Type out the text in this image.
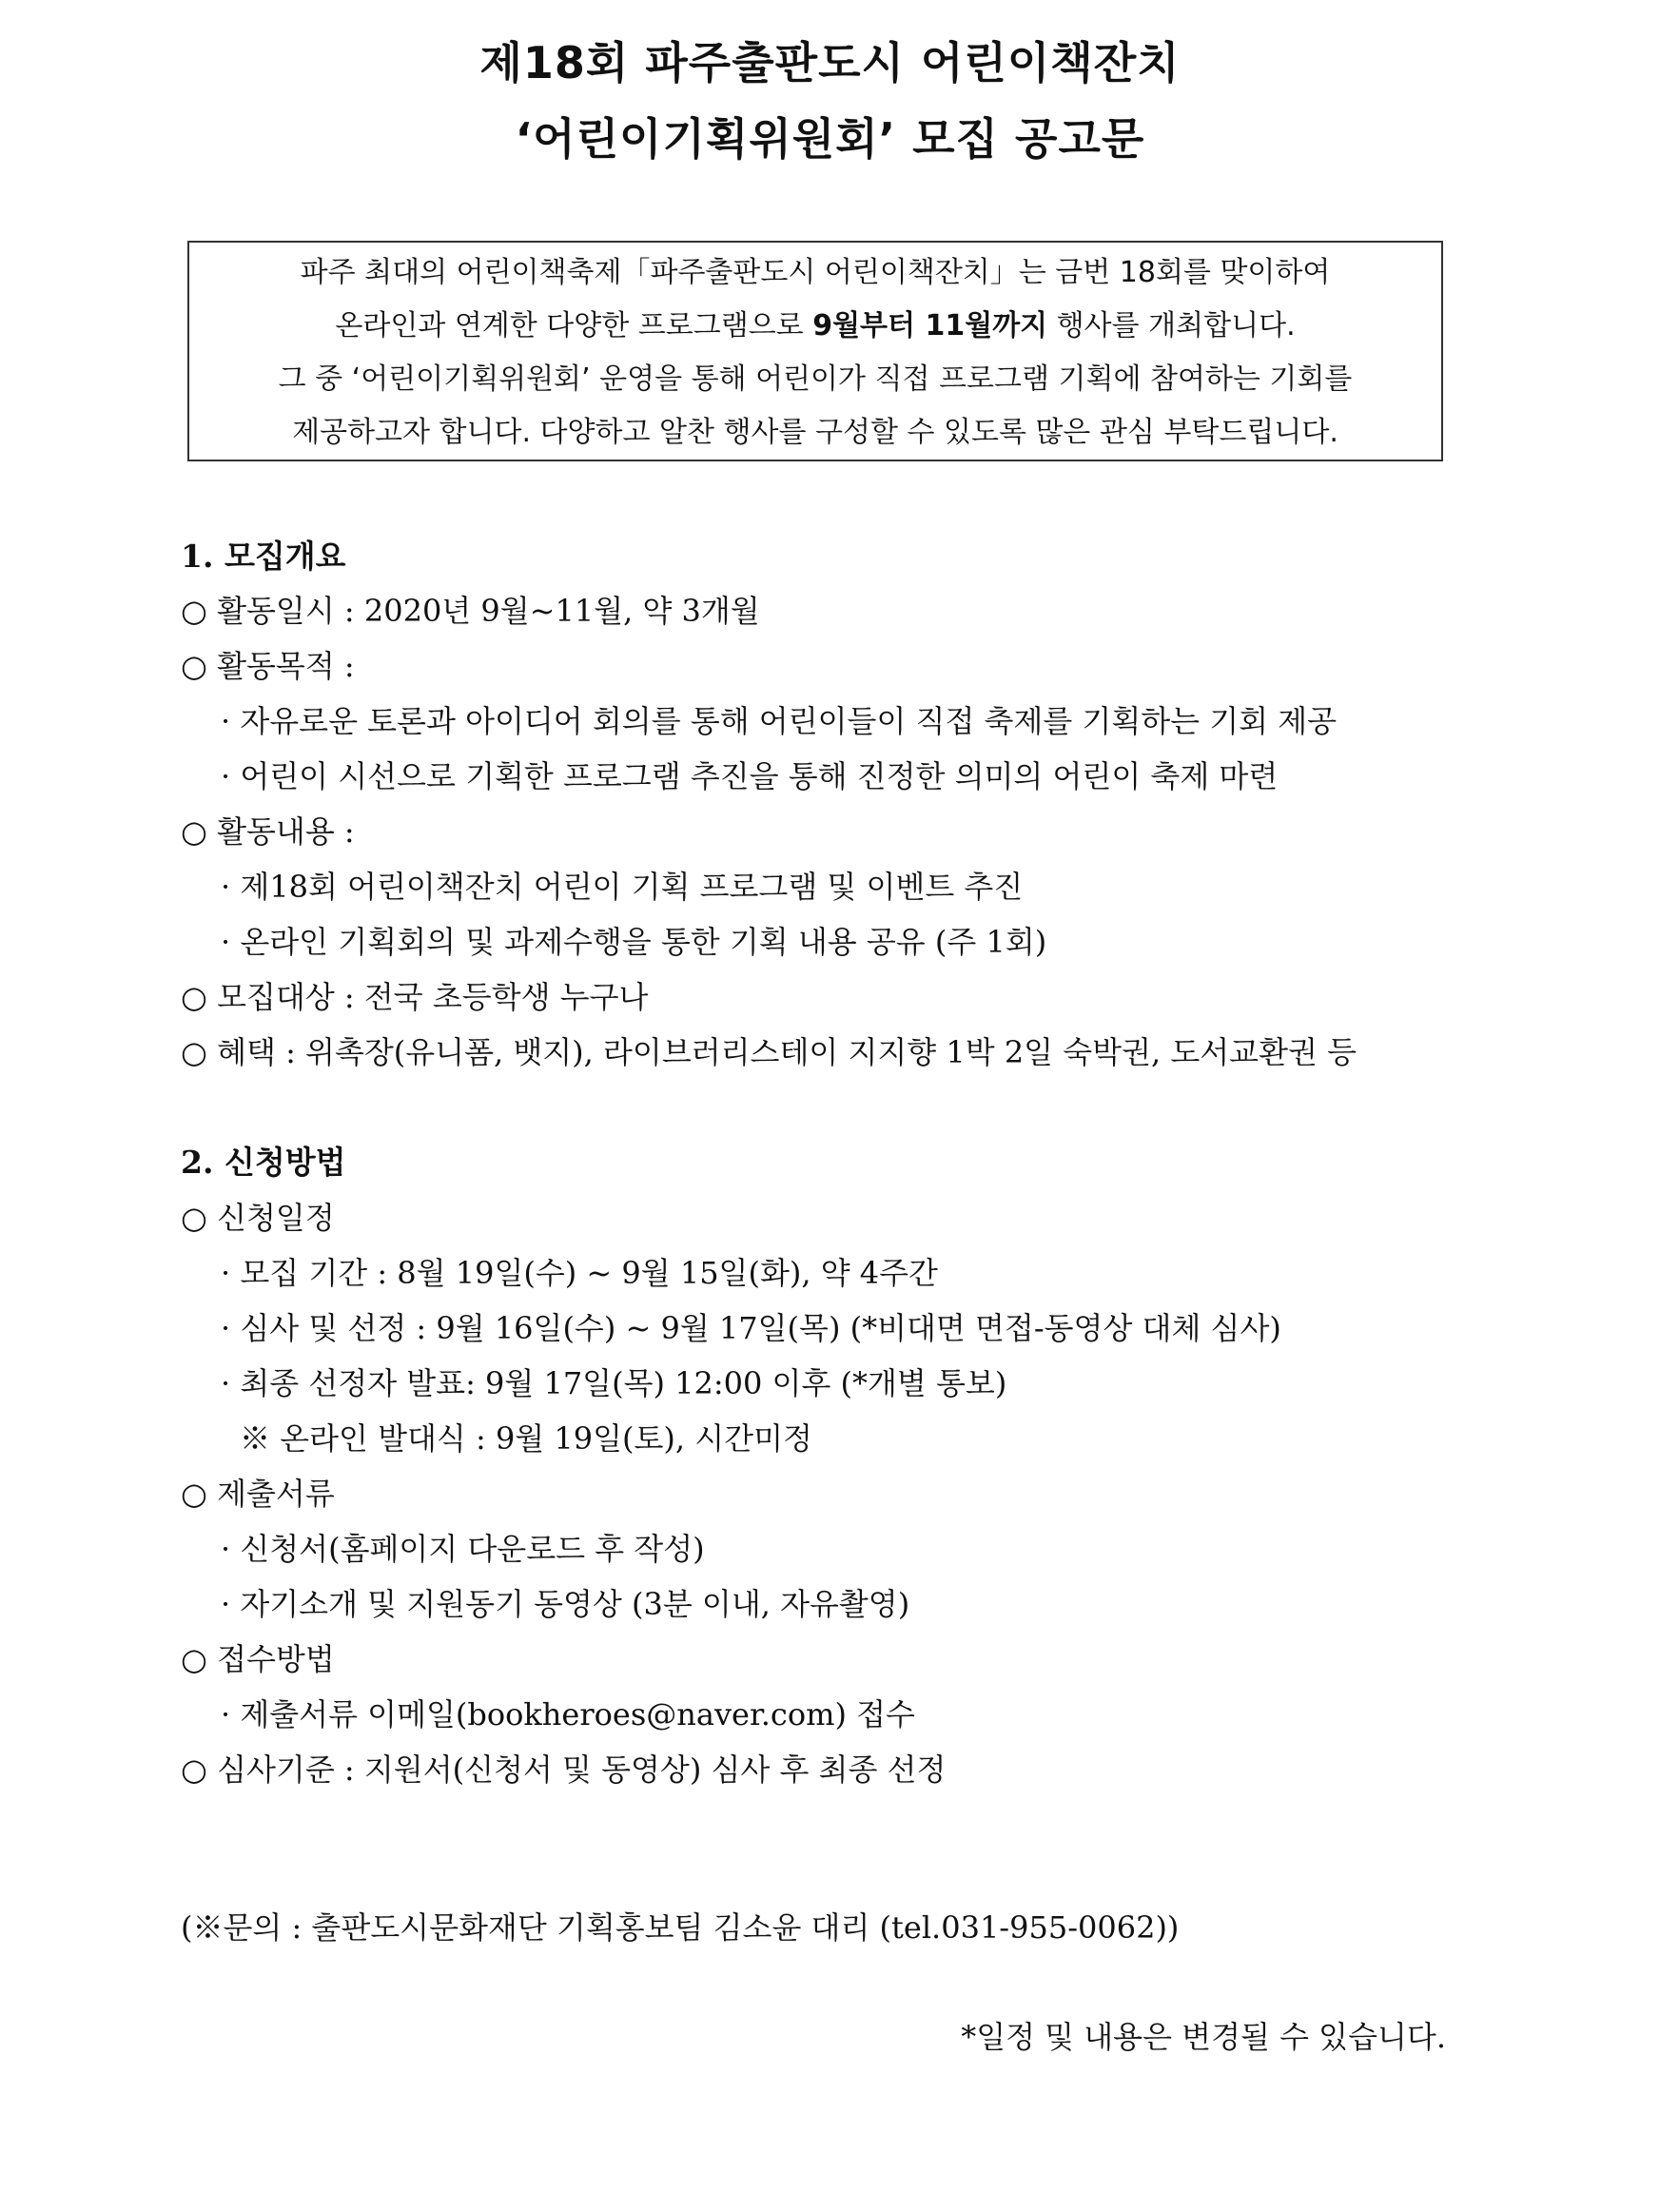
제18회 파주출판도시 어린이책잔치
‘어린이기획위원회’ 모집 공고문
파주 최대의 어린이책축제「파주출판도시 어린이책잔치」는 금번 18회를 맞이하여
온라인과 연계한 다양한 프로그램으로 9월부터 11월까지 행사를 개최합니다.
그 중 ‘어린이기획위원회’ 운영을 통해 어린이가 직접 프로그램 기획에 참여하는 기회를
제공하고자 합니다. 다양하고 알찬 행사를 구성할 수 있도록 많은 관심 부탁드립니다.
1. 모집개요
○ 활동일시 : 2020년 9월~11월, 약 3개월
○ 활동목적 :
· 자유로운 토론과 아이디어 회의를 통해 어린이들이 직접 축제를 기획하는 기회 제공
· 어린이 시선으로 기획한 프로그램 추진을 통해 진정한 의미의 어린이 축제 마련
○ 활동내용 :
· 제18회 어린이책잔치 어린이 기획 프로그램 및 이벤트 추진
· 온라인 기획회의 및 과제수행을 통한 기획 내용 공유 (주 1회)
○ 모집대상 : 전국 초등학생 누구나
○ 혜택 : 위촉장(유니폼, 뱃지), 라이브러리스테이 지지향 1박 2일 숙박권, 도서교환권 등
2. 신청방법
○ 신청일정
· 모집 기간 : 8월 19일(수) ~ 9월 15일(화), 약 4주간
· 심사 및 선정 : 9월 16일(수) ~ 9월 17일(목) (*비대면 면접-동영상 대체 심사)
· 최종 선정자 발표: 9월 17일(목) 12:00 이후 (*개별 통보)
※ 온라인 발대식 : 9월 19일(토), 시간미정
○ 제출서류
· 신청서(홈페이지 다운로드 후 작성)
· 자기소개 및 지원동기 동영상 (3분 이내, 자유촬영)
○ 접수방법
· 제출서류 이메일(bookheroes@naver.com) 접수
○ 심사기준 : 지원서(신청서 및 동영상) 심사 후 최종 선정
(※문의 : 출판도시문화재단 기획홍보팀 김소윤 대리 (tel.031-955-0062))
*일정 및 내용은 변경될 수 있습니다.
